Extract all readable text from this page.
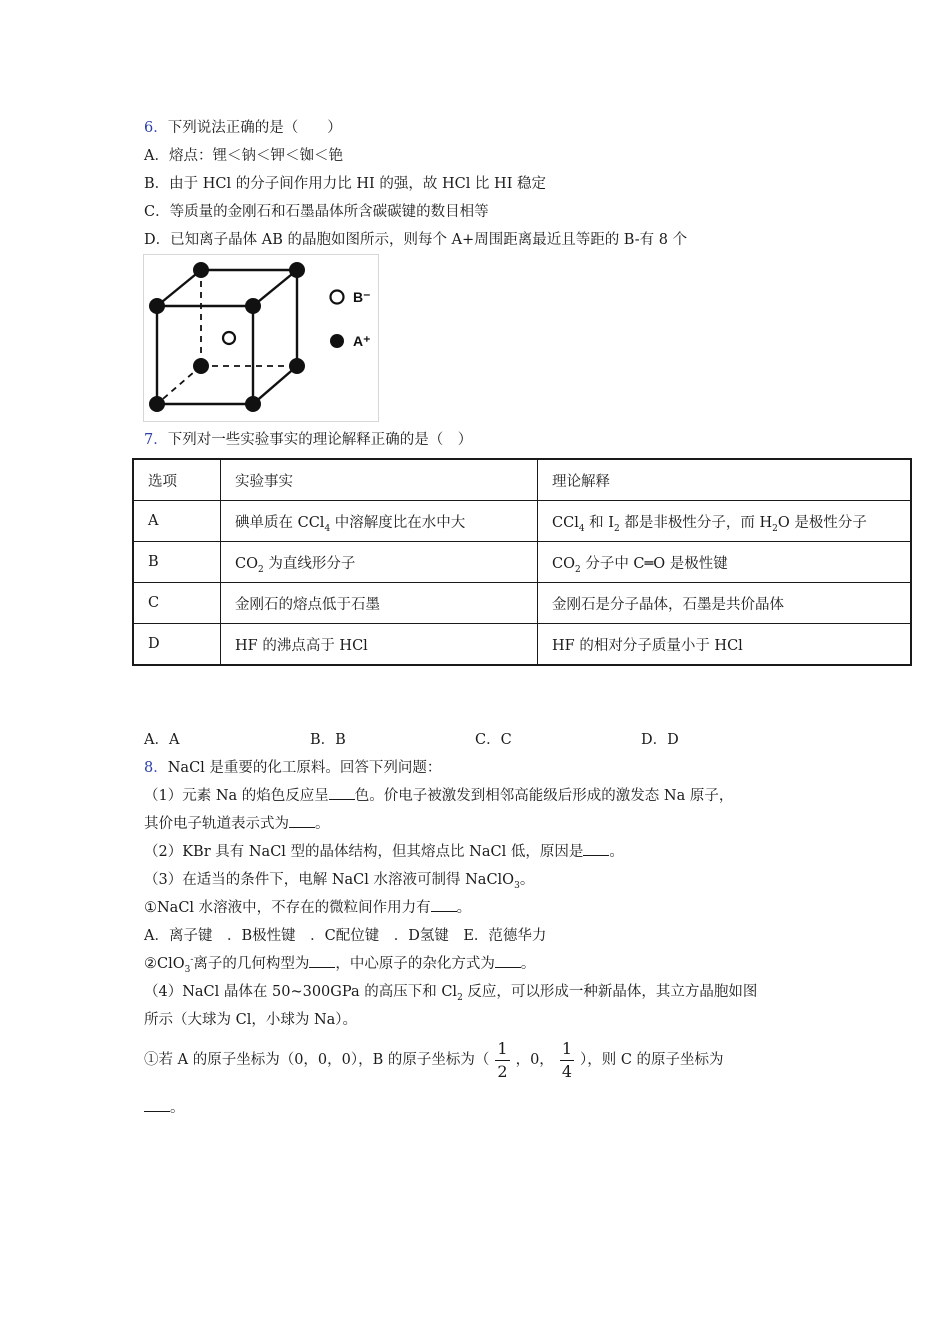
6．下列说法正确的是（　　）
A．熔点：锂＜钠＜钾＜铷＜铯
B．由于 HCl 的分子间作用力比 HI 的强，故 HCl 比 HI 稳定
C．等质量的金刚石和石墨晶体所含碳碳键的数目相等
D．已知离子晶体 AB 的晶胞如图所示，则每个 A+周围距离最近且等距的 B-有 8 个
B⁻
A⁺
7．下列对一些实验事实的理论解释正确的是（　）
选项	实验事实	理论解释
A	碘单质在 CCl$_4$ 中溶解度比在水中大	CCl$_4$ 和 $I_2$ 都是非极性分子，而 $H_2O$ 是极性分子
B	$CO_2$ 为直线形分子	$CO_2$ 分子中 C═O 是极性键
C	金刚石的熔点低于石墨	金刚石是分子晶体，石墨是共价晶体
D	HF 的沸点高于 HCl	HF 的相对分子质量小于 HCl
A．A	B．B	C．C	D．D
8．NaCl 是重要的化工原料。回答下列问题：
（1）元素 Na 的焰色反应呈 色。价电子被激发到相邻高能级后形成的激发态 Na 原子，
其价电子轨道表示式为 。
（2）KBr 具有 NaCl 型的晶体结构，但其熔点比 NaCl 低，原因是 。
（3）在适当的条件下，电解 NaCl 水溶液可制得 NaClO$_3$。
①NaCl 水溶液中，不存在的微粒间作用力有 。
A．离子键　．B极性键　．C配位键　．D氢键　E．范德华力
②ClO$_3$-离子的几何构型为 ，中心原子的杂化方式为 。
（4）NaCl 晶体在 50~300GPa 的高压下和 $Cl_2$ 反应，可以形成一种新晶体，其立方晶胞如图
所示（大球为 Cl，小球为 Na）。
①若 A 的原子坐标为（0，0，0），B 的原子坐标为（ $\frac{1}{2}$ ，0， $\frac{1}{4}$ ），则 C 的原子坐标为
。
